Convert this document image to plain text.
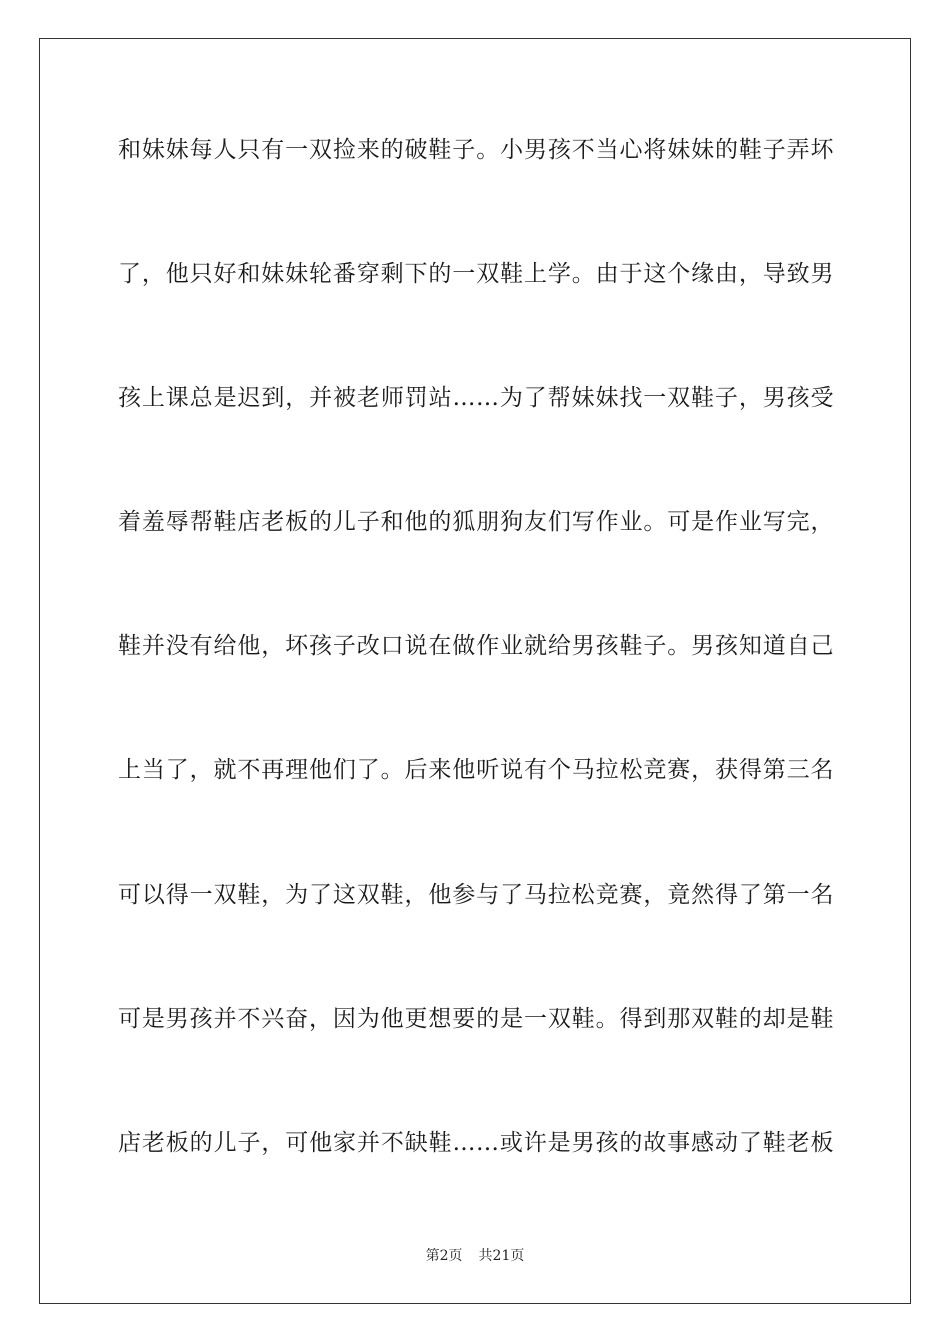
和妹妹每人只有一双捡来的破鞋子。小男孩不当心将妹妹的鞋子弄坏
了，他只好和妹妹轮番穿剩下的一双鞋上学。由于这个缘由，导致男
孩上课总是迟到，并被老师罚站……为了帮妹妹找一双鞋子，男孩受
着羞辱帮鞋店老板的儿子和他的狐朋狗友们写作业。可是作业写完，
鞋并没有给他，坏孩子改口说在做作业就给男孩鞋子。男孩知道自己
上当了，就不再理他们了。后来他听说有个马拉松竞赛，获得第三名
可以得一双鞋，为了这双鞋，他参与了马拉松竞赛，竟然得了第一名
可是男孩并不兴奋，因为他更想要的是一双鞋。得到那双鞋的却是鞋
店老板的儿子，可他家并不缺鞋……或许是男孩的故事感动了鞋老板
第2页 共21页
